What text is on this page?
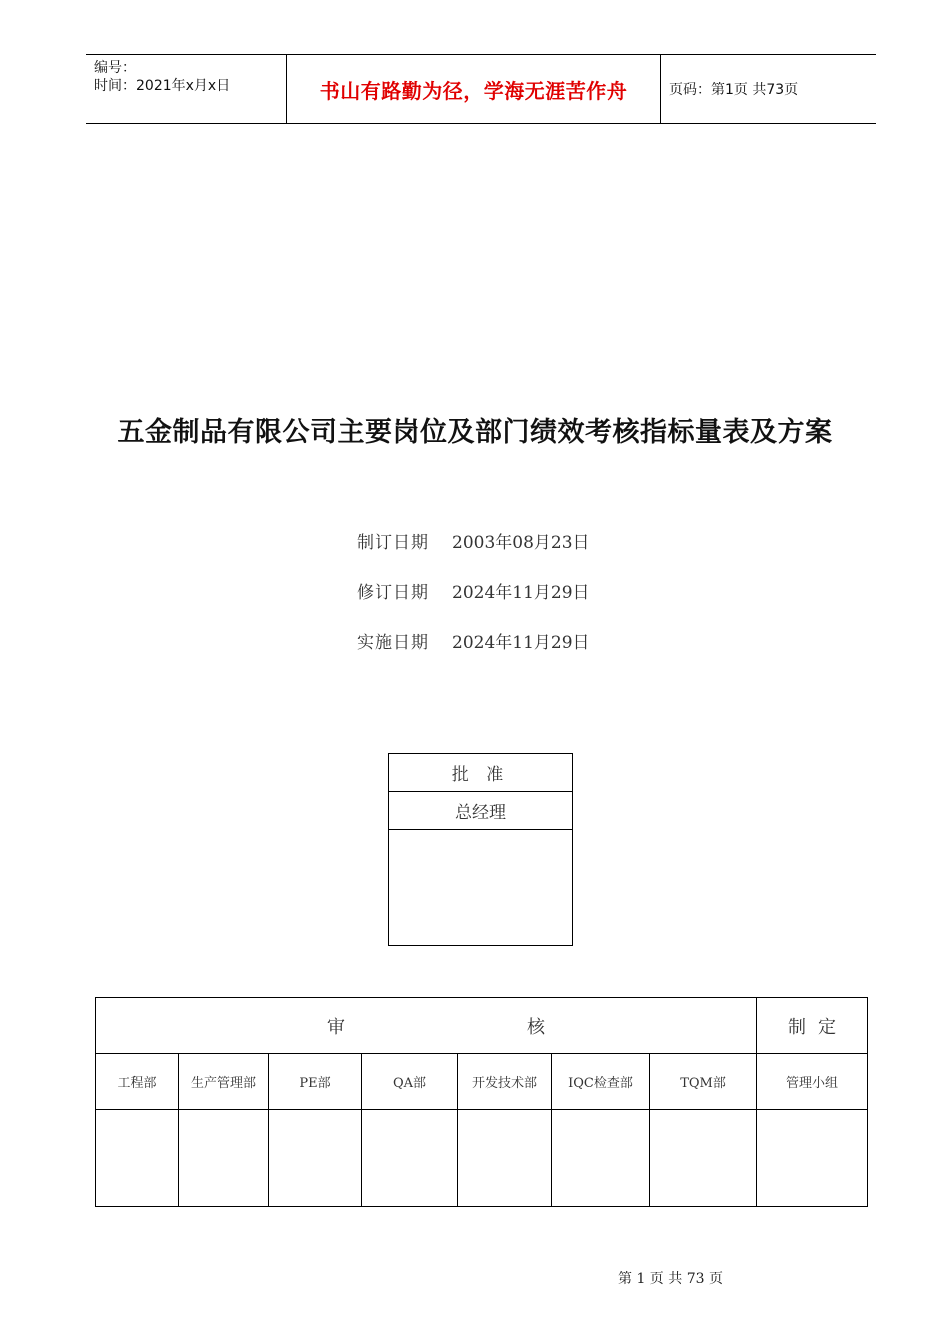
编号：
时间：2021年x月x日	书山有路勤为径，学海无涯苦作舟	页码：第1页 共73页
五金制品有限公司主要岗位及部门绩效考核指标量表及方案
制订日期 2003年08月23日
修订日期 2024年11月29日
实施日期 2024年11月29日
批 准
总经理
审 核							制定
工程部	生产管理部	PE部	QA部	开发技术部	IQC检查部	TQM部	管理小组

第 1 页 共 73 页
